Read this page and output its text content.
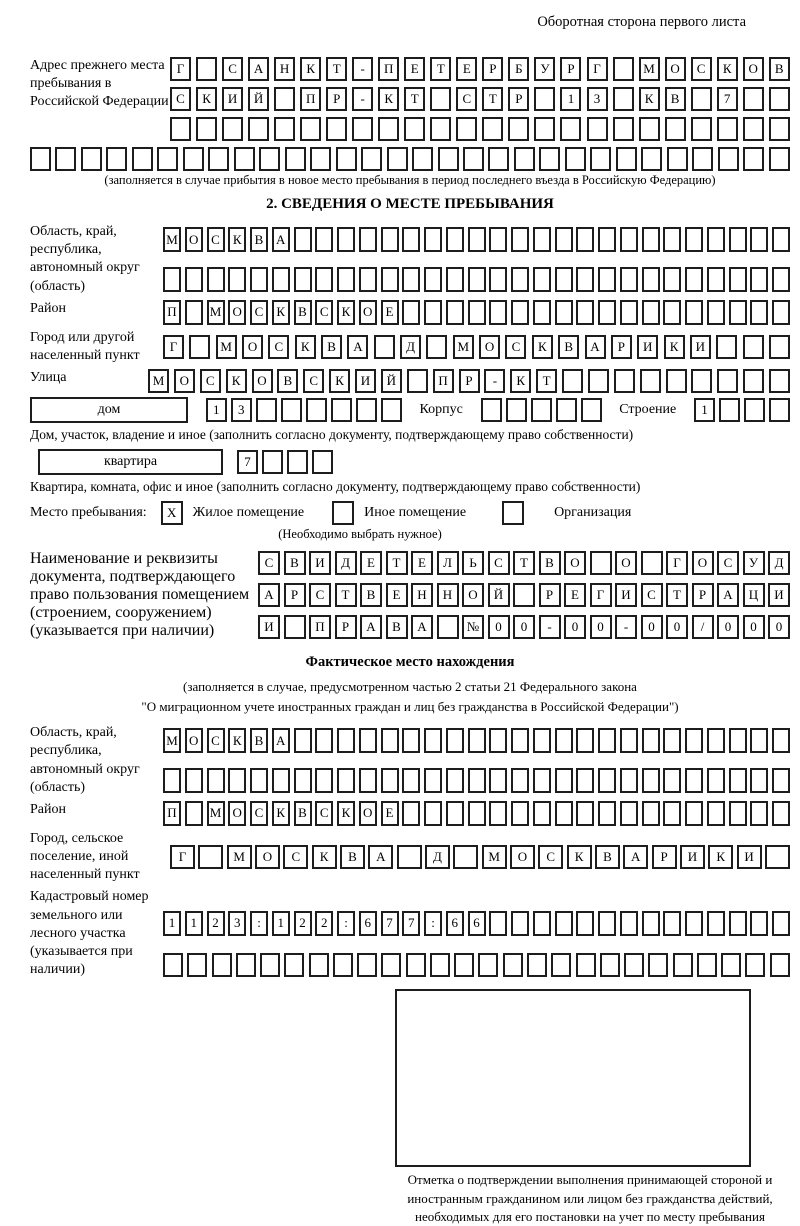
Оборотная сторона первого листа
Адрес прежнего места пребывания в Российской Федерации
Г	С	А	Н	К	Т	-	П	Е	Т	Е	Р	Б	У	Р	Г	М	О	С	К	О	В
С	К	И	Й	П	Р	-	К	Т	С	Т	Р	1	3	К	В	7
(заполняется в случае прибытия в новое место пребывания в период последнего въезда в Российскую Федерацию)
2. СВЕДЕНИЯ О МЕСТЕ ПРЕБЫВАНИЯ
Область, край, республика, автономный округ (область)
М О С	К	В А
Район	П	М О С	К	В	С	К О	Е
Город или другой населенный пункт
Г	М	О	С	К	В	А	Д	М	О	С	К	В	А	Р	И	К	И
Улица	М	О	С	К	О	В	С	К	И	Й	П	Р	-	К	Т
дом	1	3	Корпус	Строение	1
Дом, участок, владение и иное (заполнить согласно документу, подтверждающему право собственности)
квартира	7
Квартира, комната, офис и иное (заполнить согласно документу, подтверждающему право собственности)
Место пребывания:	X	Жилое помещение	Иное помещение	Организация
(Необходимо выбрать нужное)
Наименование и реквизиты документа, подтверждающего право пользования помещением (строением, сооружением) (указывается при наличии)
С	В	И	Д	Е	Т	Е	Л	Ь	С	Т	В	О	О	Г	О	С	У	Д
А	Р	С	Т	В	Е	Н	Н	О	Й	Р	Е	Г	И	С	Т	Р	А	Ц	И
И	П	Р	А	В	А	№	0	0	-	0	0	-	0	0	/	0	0	0
Фактическое место нахождения
(заполняется в случае, предусмотренном частью 2 статьи 21 Федерального закона
"О миграционном учете иностранных граждан и лиц без гражданства в Российской Федерации")
Область, край, республика, автономный округ (область)
М О С	К	В А
Район	П	М О С	К	В	С	К О	Е
Город, сельское поселение, иной населенный пункт
Г	М	О	С	К	В	А	Д	М	О	С	К	В	А	Р	И	К	И
Кадастровый номер земельного или лесного участка (указывается при наличии)
1	1	2	3	:	1	2	2	:	6	7	7	:	6	6
Отметка о подтверждении выполнения принимающей стороной и иностранным гражданином или лицом без гражданства действий, необходимых для его постановки на учет по месту пребывания
